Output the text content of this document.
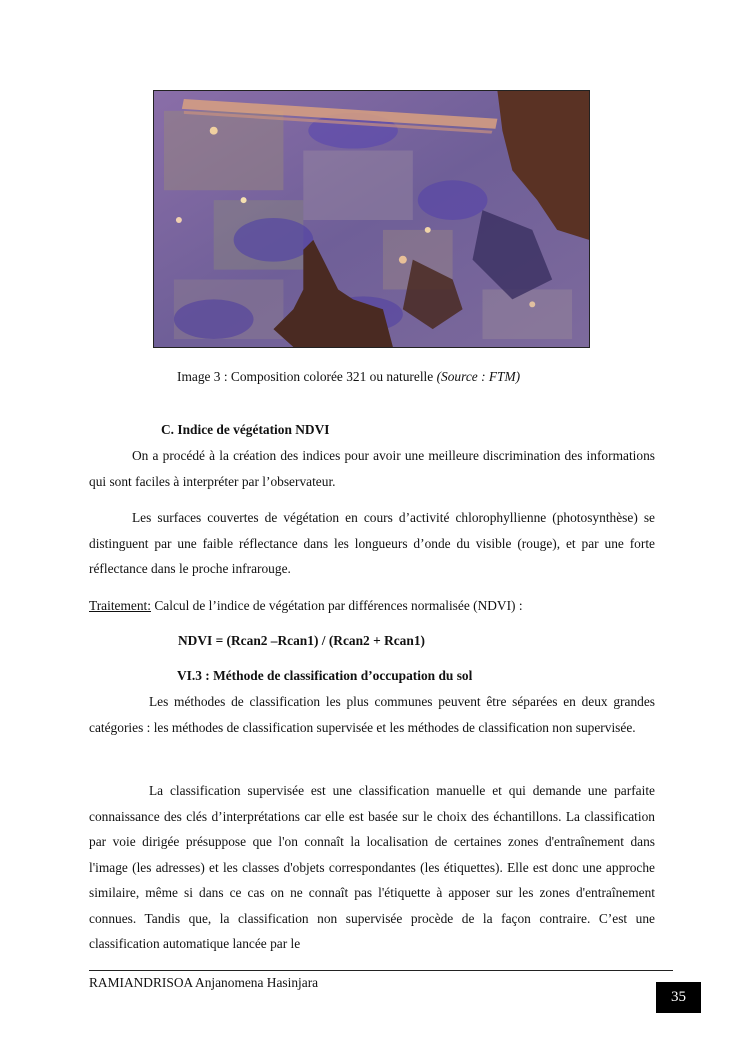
Image 3 : Composition colorée 321 ou naturelle (Source : FTM)
C. Indice de végétation NDVI

On a procédé à la création des indices pour avoir une meilleure discrimination des informations qui sont faciles à interpréter par l’observateur.

Les surfaces couvertes de végétation en cours d’activité chlorophyllienne (photosynthèse) se distinguent par une faible réflectance dans les longueurs d’onde du visible (rouge), et par une forte réflectance dans le proche infrarouge.

Traitement: Calcul de l’indice de végétation par différences normalisée (NDVI) :

NDVI = (Rcan2 –Rcan1) / (Rcan2 + Rcan1)
VI.3 : Méthode de classification d’occupation du sol

Les méthodes de classification les plus communes peuvent être séparées en deux grandes catégories : les méthodes de classification supervisée et les méthodes de classification non supervisée.

La classification supervisée est une classification manuelle et qui demande une parfaite connaissance des clés d’interprétations car elle est basée sur le choix des échantillons. La classification par voie dirigée présuppose que l'on connaît la localisation de certaines zones d'entraînement dans l'image (les adresses) et les classes d'objets correspondantes (les étiquettes). Elle est donc une approche similaire, même si dans ce cas on ne connaît pas l'étiquette à apposer sur les zones d'entraînement connues. Tandis que, la classification non supervisée procède de la façon contraire. C’est une classification automatique lancée par le

RAMIANDRISOA Anjanomena Hasinjara
35
